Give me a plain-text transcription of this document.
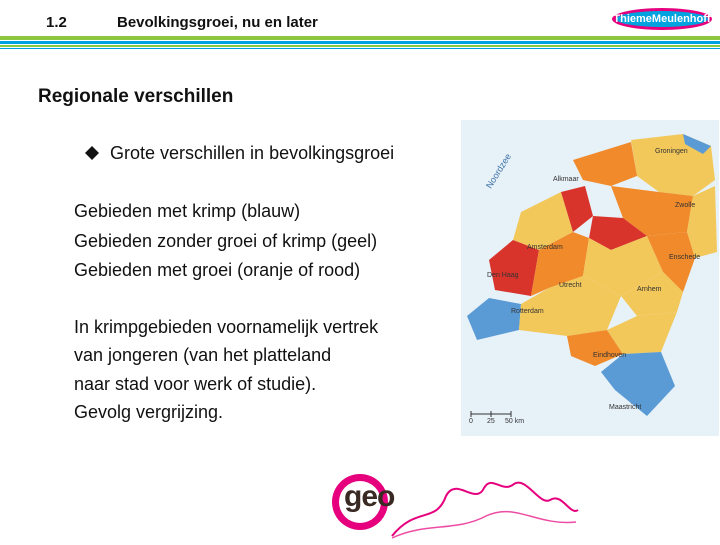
1.2	Bevolkingsgroei, nu en later	ThiemeMeulenhoff
Regionale verschillen
Grote verschillen in bevolkingsgroei
Gebieden met krimp (blauw)
Gebieden zonder groei of krimp (geel)
Gebieden met groei (oranje of rood)
In krimpgebieden voornamelijk vertrek
van jongeren (van het platteland
naar stad voor werk of studie).
Gevolg vergrijzing.
Noordzee
Groningen
Alkmaar
Zwolle
Amsterdam
Enschede
Den Haag
Utrecht
Arnhem
Rotterdam
Eindhoven
Maastricht
0 25 50 km
geo
